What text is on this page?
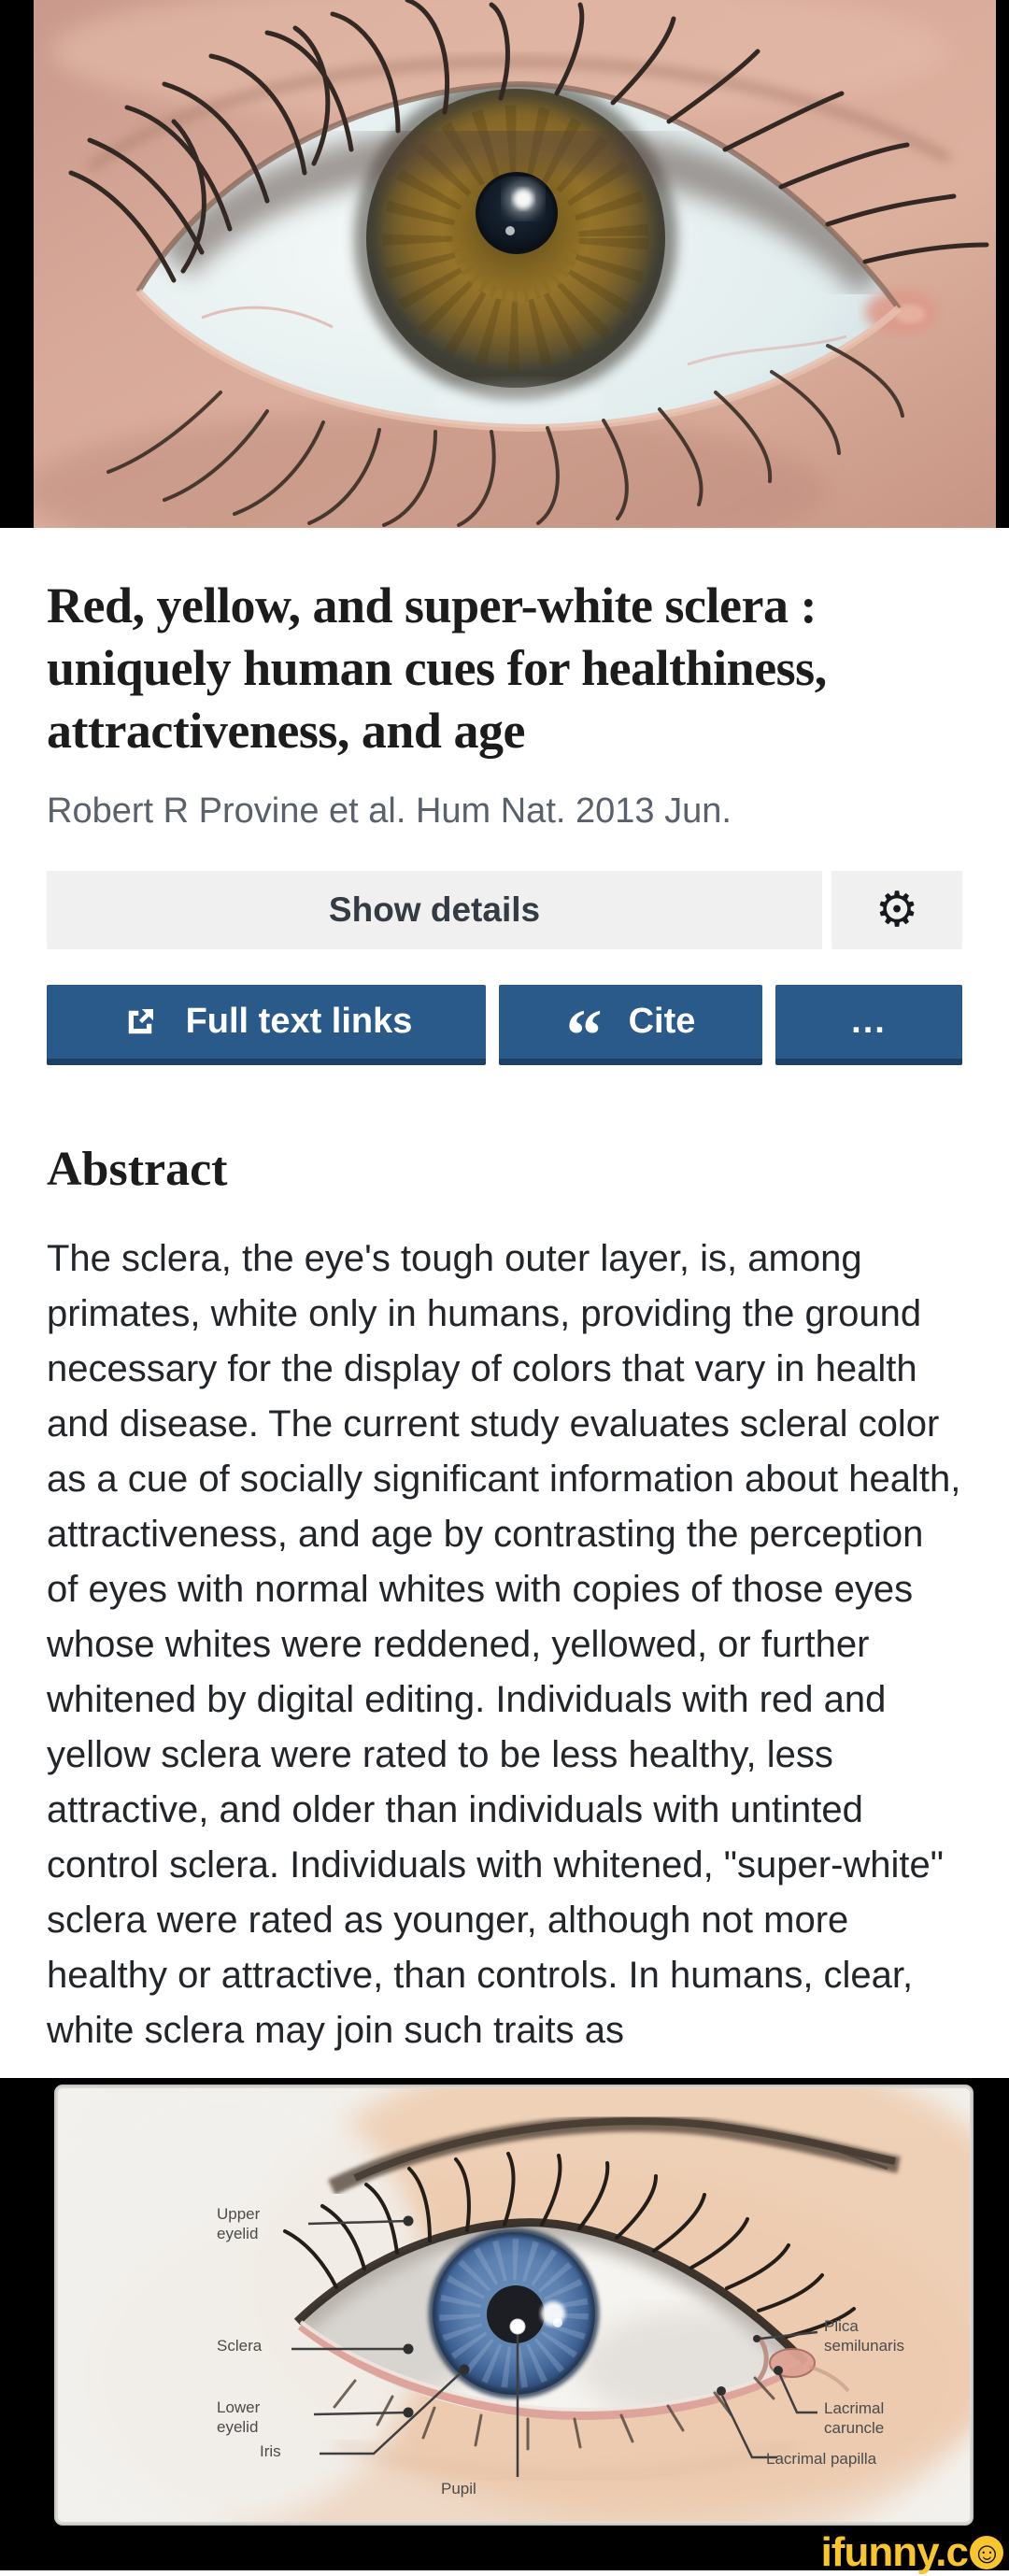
Red, yellow, and super-white sclera : uniquely human cues for healthiness, attractiveness, and age
Robert R Provine et al. Hum Nat. 2013 Jun.
Show details	⚙
Full text links “ Cite	...
Abstract

The sclera, the eye's tough outer layer, is, among primates, white only in humans, providing the ground necessary for the display of colors that vary in health and disease. The current study evaluates scleral color as a cue of socially significant information about health, attractiveness, and age by contrasting the perception of eyes with normal whites with copies of those eyes whose whites were reddened, yellowed, or further whitened by digital editing. Individuals with red and yellow sclera were rated to be less healthy, less attractive, and older than individuals with untinted control sclera. Individuals with whitened, "super-white" sclera were rated as younger, although not more healthy or attractive, than controls. In humans, clear, white sclera may join such traits as

Upper eyelid
Sclera
Lower eyelid
Iris
Pupil
Plica semilunaris
Lacrimal caruncle
Lacrimal papilla
ifunny.c ☺
